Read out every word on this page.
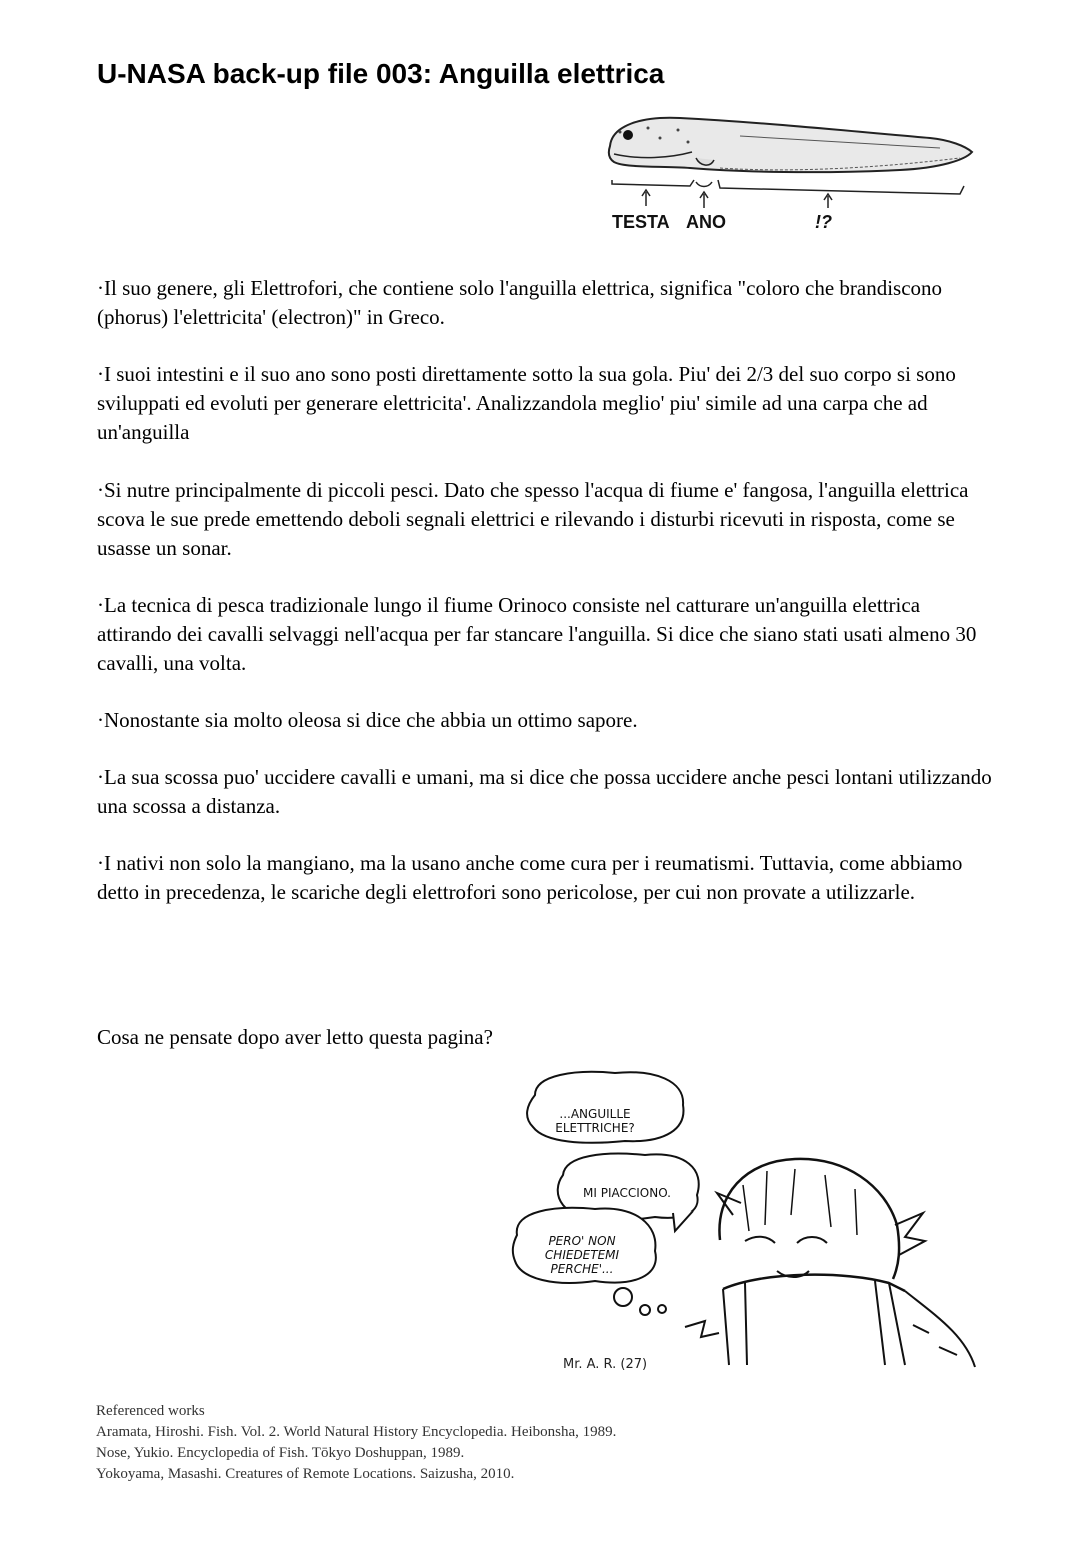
U-NASA back-up file 003: Anguilla elettrica
TESTA ANO	!?

·Il suo genere, gli Elettrofori, che contiene solo l'anguilla elettrica, significa "coloro che brandiscono (phorus) l'elettricita' (electron)" in Greco.

·I suoi intestini e il suo ano sono posti direttamente sotto la sua gola. Piu' dei 2/3 del suo corpo si sono sviluppati ed evoluti per generare elettricita'. Analizzandola meglio' piu' simile ad una carpa che ad un'anguilla

·Si nutre principalmente di piccoli pesci. Dato che spesso l'acqua di fiume e' fangosa, l'anguilla elettrica scova le sue prede emettendo deboli segnali elettrici e rilevando i disturbi ricevuti in risposta, come se usasse un sonar.

·La tecnica di pesca tradizionale lungo il fiume Orinoco consiste nel catturare un'anguilla elettrica attirando dei cavalli selvaggi nell'acqua per far stancare l'anguilla. Si dice che siano stati usati almeno 30 cavalli, una volta.

·Nonostante sia molto oleosa si dice che abbia un ottimo sapore.

·La sua scossa puo' uccidere cavalli e umani, ma si dice che possa uccidere anche pesci lontani utilizzando una scossa a distanza.

·I nativi non solo la mangiano, ma la usano anche come cura per i reumatismi. Tuttavia, come abbiamo detto in precedenza, le scariche degli elettrofori sono pericolose, per cui non provate a utilizzarle.

Cosa ne pensate dopo aver letto questa pagina?

...ANGUILLE ELETTRICHE?
MI PIACCIONO.
PERO' NON CHIEDETEMI PERCHE'...
Mr. A. R. (27)
Referenced works
Aramata, Hiroshi. Fish. Vol. 2. World Natural History Encyclopedia. Heibonsha, 1989.
Nose, Yukio. Encyclopedia of Fish. Tōkyo Doshuppan, 1989.
Yokoyama, Masashi. Creatures of Remote Locations. Saizusha, 2010.
